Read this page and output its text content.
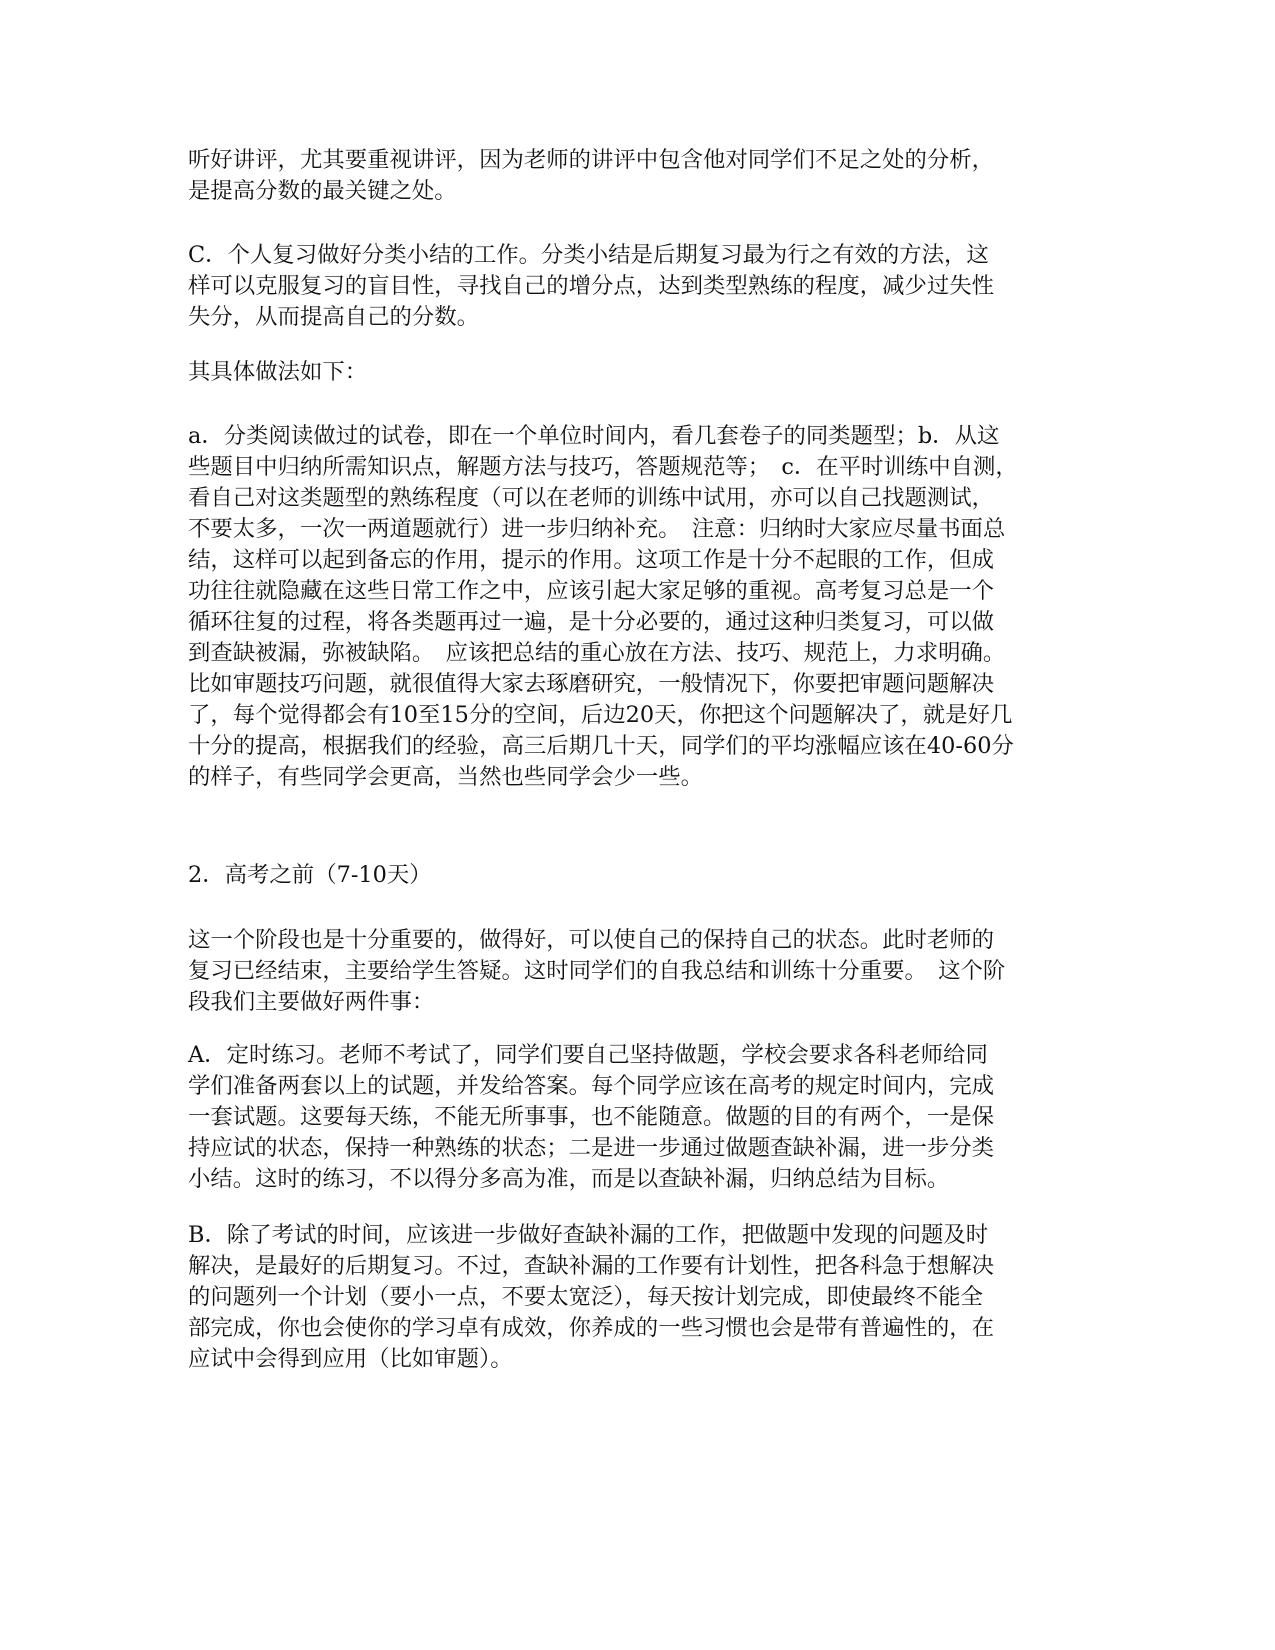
听好讲评，尤其要重视讲评，因为老师的讲评中包含他对同学们不足之处的分析，
是提高分数的最关键之处。

C．个人复习做好分类小结的工作。分类小结是后期复习最为行之有效的方法，这
样可以克服复习的盲目性，寻找自己的增分点，达到类型熟练的程度，减少过失性
失分，从而提高自己的分数。

其具体做法如下：

a．分类阅读做过的试卷，即在一个单位时间内，看几套卷子的同类题型；b．从这
些题目中归纳所需知识点，解题方法与技巧，答题规范等；　c．在平时训练中自测，
看自己对这类题型的熟练程度（可以在老师的训练中试用，亦可以自己找题测试，
不要太多，一次一两道题就行）进一步归纳补充。　注意：归纳时大家应尽量书面总
结，这样可以起到备忘的作用，提示的作用。这项工作是十分不起眼的工作，但成
功往往就隐藏在这些日常工作之中，应该引起大家足够的重视。高考复习总是一个
循环往复的过程，将各类题再过一遍，是十分必要的，通过这种归类复习，可以做
到查缺被漏，弥被缺陷。　应该把总结的重心放在方法、技巧、规范上，力求明确。
比如审题技巧问题，就很值得大家去琢磨研究，一般情况下，你要把审题问题解决
了，每个觉得都会有10至15分的空间，后边20天，你把这个问题解决了，就是好几
十分的提高，根据我们的经验，高三后期几十天，同学们的平均涨幅应该在40-60分
的样子，有些同学会更高，当然也些同学会少一些。

2．高考之前（7-10天）

这一个阶段也是十分重要的，做得好，可以使自己的保持自己的状态。此时老师的
复习已经结束，主要给学生答疑。这时同学们的自我总结和训练十分重要。　这个阶
段我们主要做好两件事：

A．定时练习。老师不考试了，同学们要自己坚持做题，学校会要求各科老师给同
学们准备两套以上的试题，并发给答案。每个同学应该在高考的规定时间内，完成
一套试题。这要每天练，不能无所事事，也不能随意。做题的目的有两个，一是保
持应试的状态，保持一种熟练的状态；二是进一步通过做题查缺补漏，进一步分类
小结。这时的练习，不以得分多高为准，而是以查缺补漏，归纳总结为目标。

B．除了考试的时间，应该进一步做好查缺补漏的工作，把做题中发现的问题及时
解决，是最好的后期复习。不过，查缺补漏的工作要有计划性，把各科急于想解决
的问题列一个计划（要小一点，不要太宽泛），每天按计划完成，即使最终不能全
部完成，你也会使你的学习卓有成效，你养成的一些习惯也会是带有普遍性的，在
应试中会得到应用（比如审题）。
